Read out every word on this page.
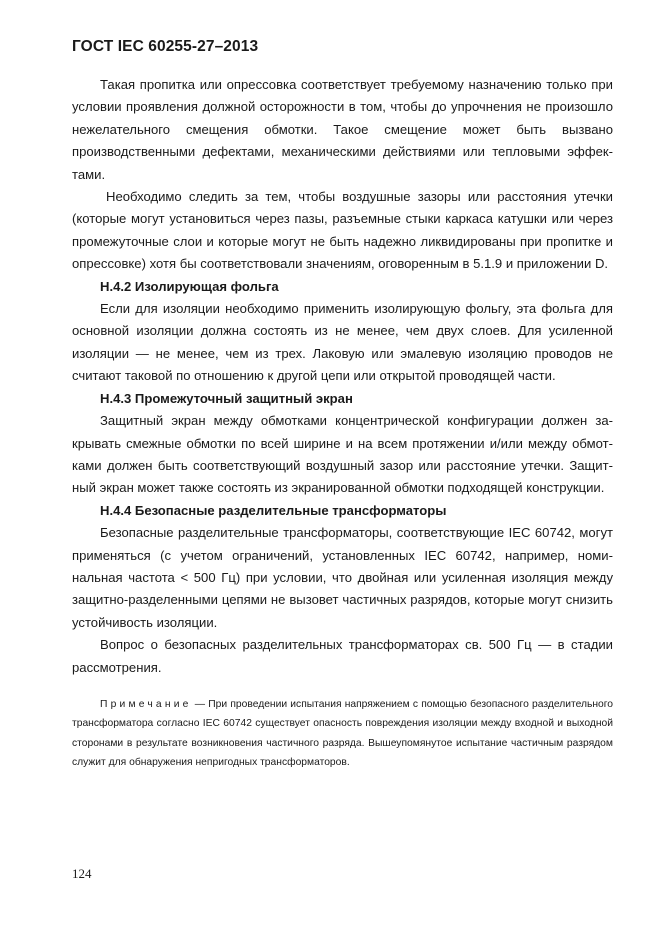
ГОСТ IEC 60255-27–2013

Такая пропитка или опрессовка соответствует требуемому назначению только при условии проявления должной осторожности в том, чтобы до упрочнения не произошло нежелательного смещения обмотки. Такое смещение может быть вызвано производственными дефектами, механическими действиями или тепловыми эффектами.

Необходимо следить за тем, чтобы воздушные зазоры или расстояния утечки (которые могут установиться через пазы, разъемные стыки каркаса катушки или через промежуточные слои и которые могут не быть надежно ликвидированы при пропитке и опрессовке) хотя бы соответствовали значениям, оговоренным в 5.1.9 и приложении D.

H.4.2 Изолирующая фольга

Если для изоляции необходимо применить изолирующую фольгу, эта фольга для основной изоляции должна состоять из не менее, чем двух слоев. Для усиленной изоляции — не менее, чем из трех. Лаковую или эмалевую изоляцию проводов не считают таковой по отношению к другой цепи или открытой проводящей части.

H.4.3 Промежуточный защитный экран

Защитный экран между обмотками концентрической конфигурации должен закрывать смежные обмотки по всей ширине и на всем протяжении и/или между обмотками должен быть соответствующий воздушный зазор или расстояние утечки. Защитный экран может также состоять из экранированной обмотки подходящей конструкции.

H.4.4 Безопасные разделительные трансформаторы

Безопасные разделительные трансформаторы, соответствующие IEC 60742, могут применяться (с учетом ограничений, установленных IEC 60742, например, номинальная частота < 500 Гц) при условии, что двойная или усиленная изоляция между защитно-разделенными цепями не вызовет частичных разрядов, которые могут снизить устойчивость изоляции.

Вопрос о безопасных разделительных трансформаторах св. 500 Гц — в стадии рассмотрения.

Примечание — При проведении испытания напряжением с помощью безопасного разделительного трансформатора согласно IEC 60742 существует опасность повреждения изоляции между входной и выходной сторонами в результате возникновения частичного разряда. Вышеупомянутое испытание частичным разрядом служит для обнаружения непригодных трансформаторов.

124
